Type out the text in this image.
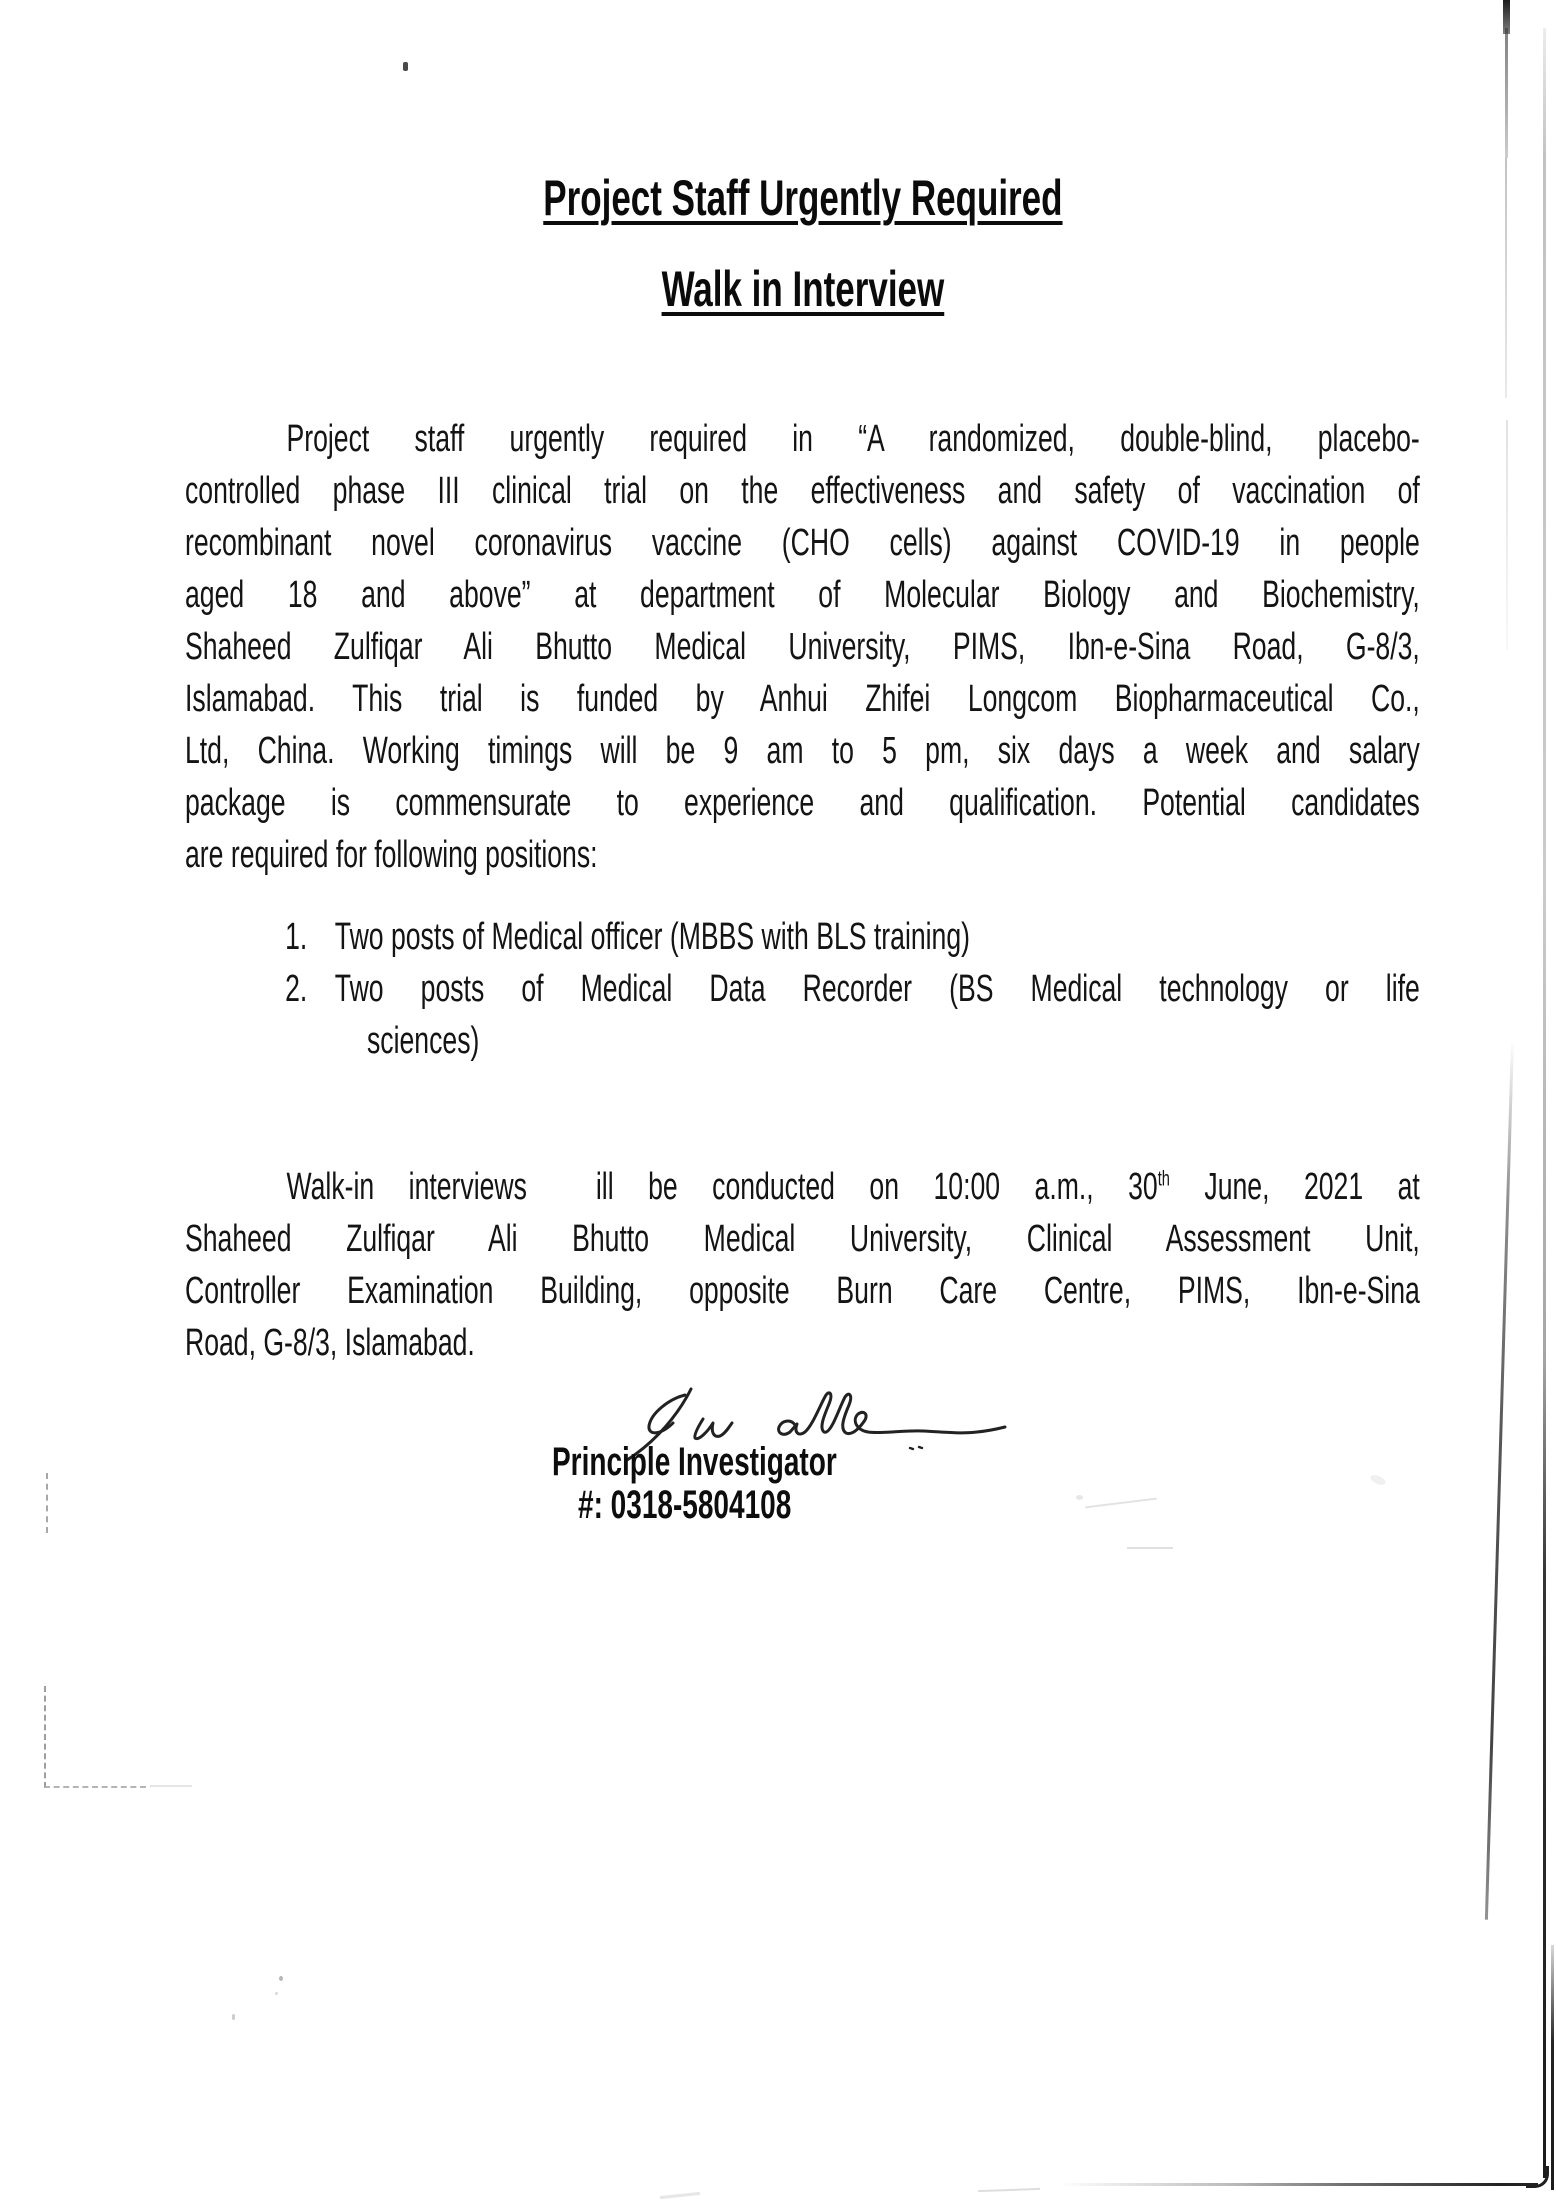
Project Staff Urgently Required
Walk in Interview
Project staff urgently required in “A randomized, double-blind, placebo-
controlled phase III clinical trial on the effectiveness and safety of vaccination of
recombinant novel coronavirus vaccine (CHO cells) against COVID-19 in people
aged 18 and above” at department of Molecular Biology and Biochemistry,
Shaheed Zulfiqar Ali Bhutto Medical University, PIMS, Ibn-e-Sina Road, G-8/3,
Islamabad. This trial is funded by Anhui Zhifei Longcom Biopharmaceutical Co.,
Ltd, China. Working timings will be 9 am to 5 pm, six days a week and salary
package is commensurate to experience and qualification. Potential candidates
are required for following positions:
1. Two posts of Medical officer (MBBS with BLS training)
2. Two posts of Medical Data Recorder (BS Medical technology or life
sciences)
Walk-in interviews  ill be conducted on 10:00 a.m., 30th June, 2021 at
Shaheed Zulfiqar Ali Bhutto Medical University, Clinical Assessment Unit,
Controller Examination Building, opposite Burn Care Centre, PIMS, Ibn-e-Sina
Road, G-8/3, Islamabad.
Principle Investigator
#: 0318-5804108
